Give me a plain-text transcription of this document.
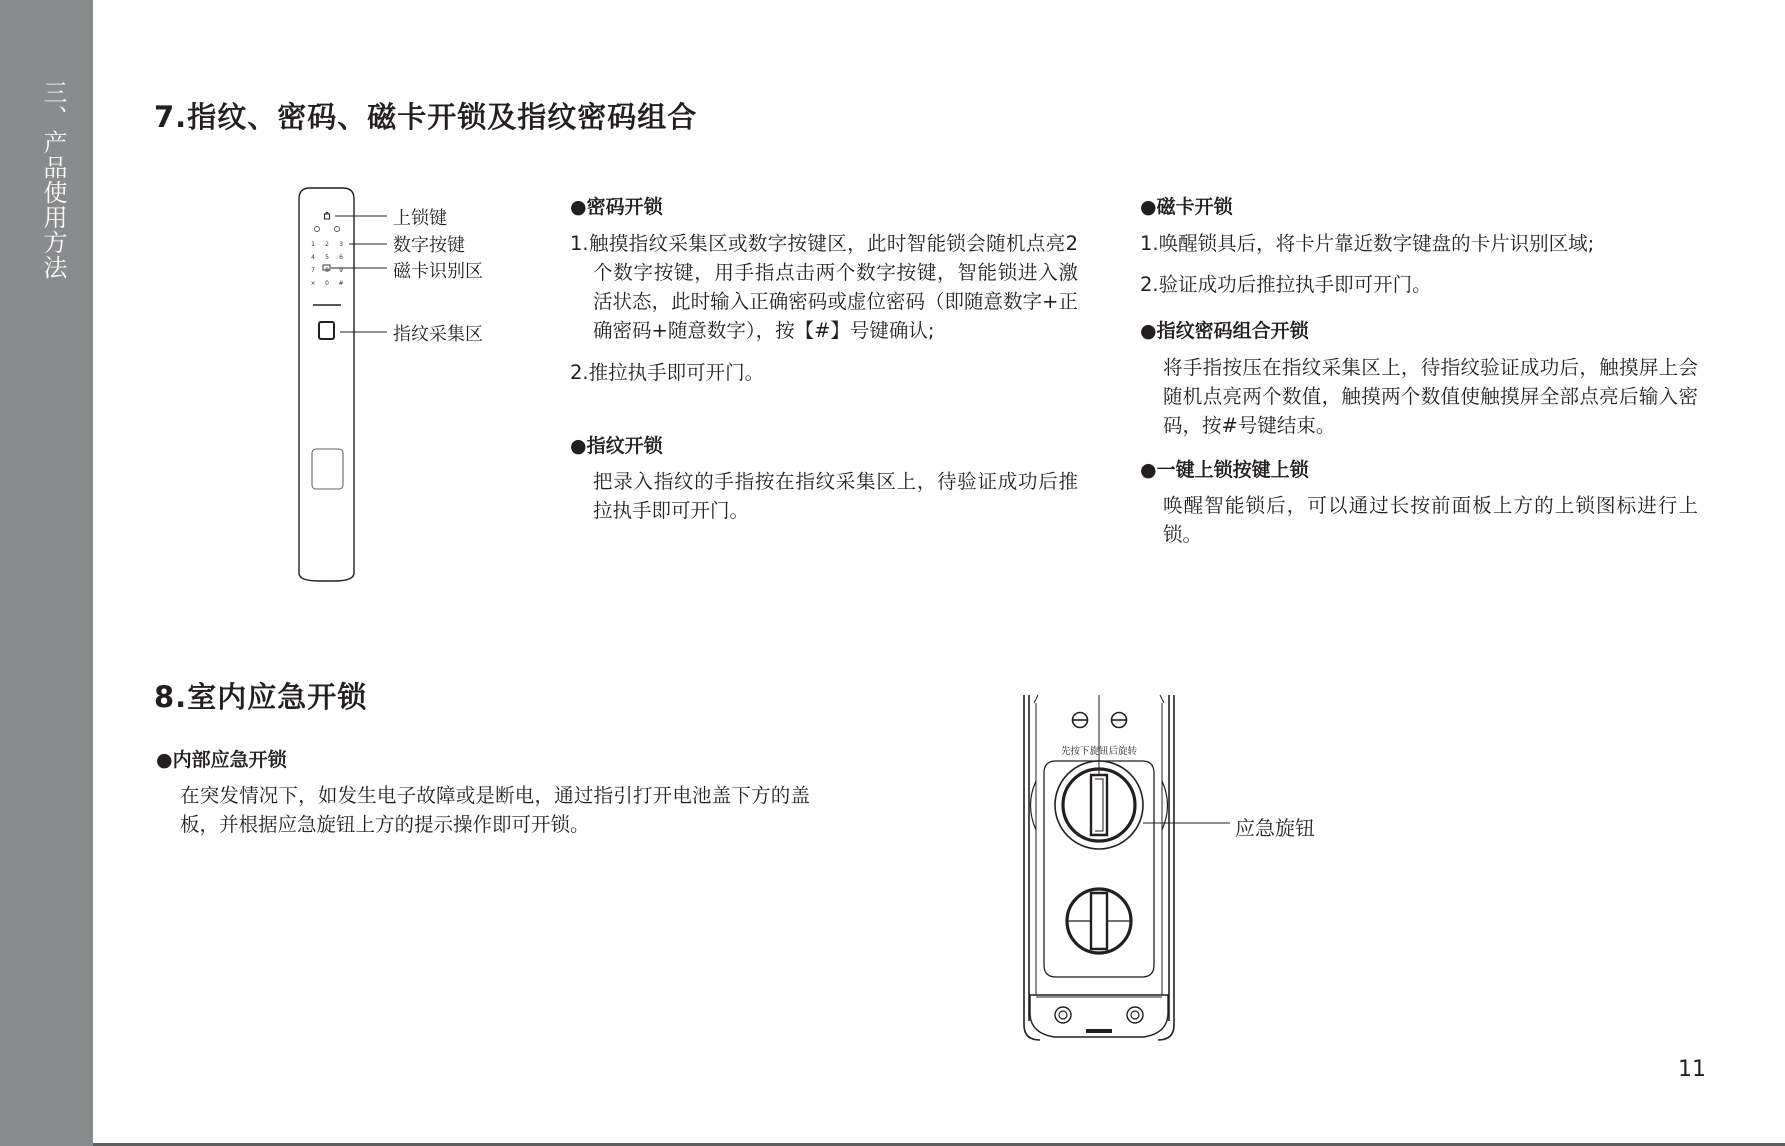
三、产品使用方法	7.指纹、密码、磁卡开锁及指纹密码组合
1 2 3
4 5 6
7 8 9
× 0 #
上锁键
数字按键
磁卡识别区
指纹采集区
●密码开锁

1.触摸指纹采集区或数字按键区，此时智能锁会随机点亮2个数字按键，用手指点击两个数字按键，智能锁进入激活状态，此时输入正确密码或虚位密码（即随意数字+正确密码+随意数字），按【#】号键确认;

2.推拉执手即可开门。

●指纹开锁
把录入指纹的手指按在指纹采集区上，待验证成功后推拉执手即可开门。
●磁卡开锁

1.唤醒锁具后，将卡片靠近数字键盘的卡片识别区域;

2.验证成功后推拉执手即可开门。

●指纹密码组合开锁
将手指按压在指纹采集区上，待指纹验证成功后，触摸屏上会随机点亮两个数值，触摸两个数值使触摸屏全部点亮后输入密码，按#号键结束。
●一键上锁按键上锁
唤醒智能锁后，可以通过长按前面板上方的上锁图标进行上锁。
8.室内应急开锁
●内部应急开锁
在突发情况下，如发生电子故障或是断电，通过指引打开电池盖下方的盖板，并根据应急旋钮上方的提示操作即可开锁。
先按下旋钮后旋转
应急旋钮
11
